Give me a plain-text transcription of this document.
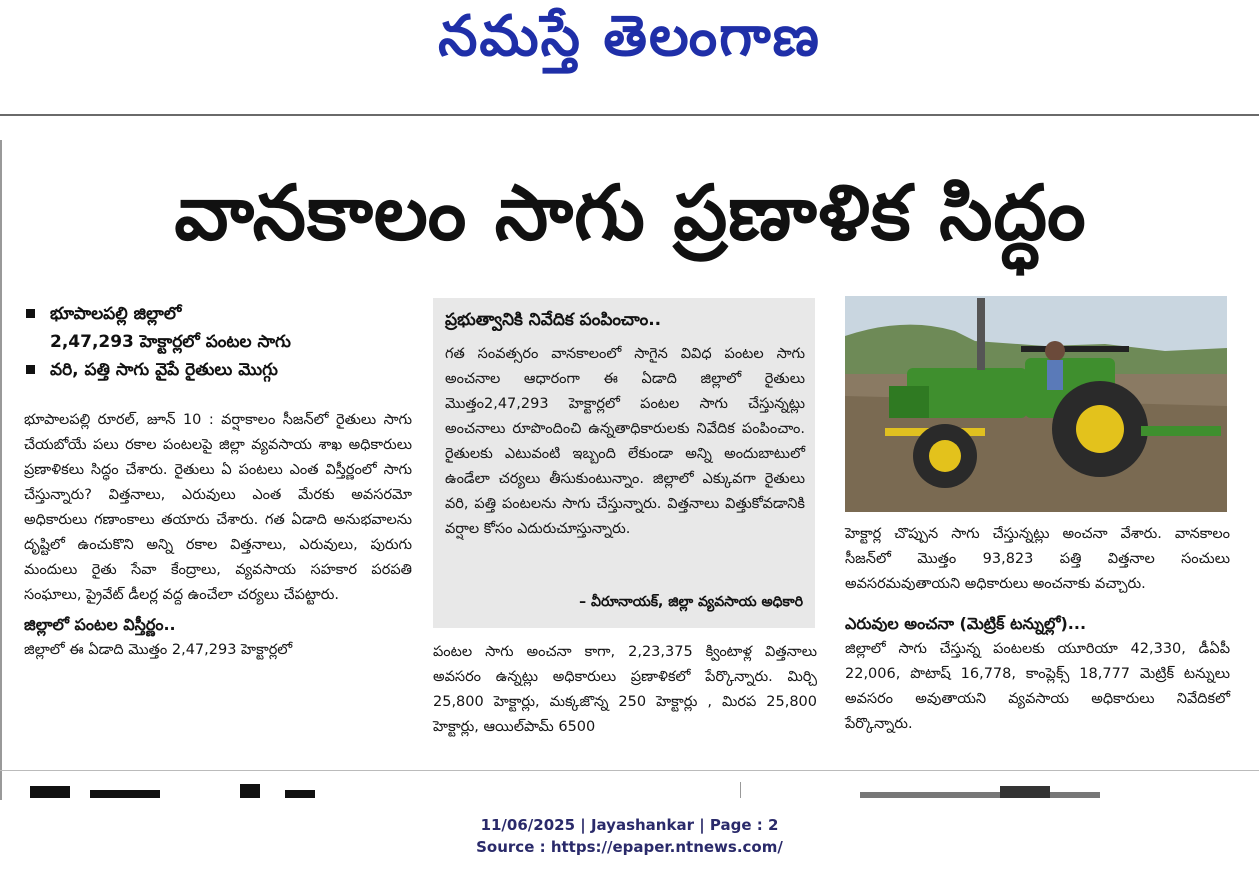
నమస్తే తెలంగాణ
వానకాలం సాగు ప్రణాళిక సిద్ధం
భూపాలపల్లి జిల్లాలో
2,47,293 హెక్టార్లలో పంటల సాగు
వరి, పత్తి సాగు వైపే రైతులు మొగ్గు
భూపాలపల్లి రూరల్, జూన్ 10 : వర్షాకాలం సీజన్‌లో రైతులు సాగు చేయబోయే పలు రకాల పంటలపై జిల్లా వ్యవసాయ శాఖ అధికారులు ప్రణాళికలు సిద్ధం చేశారు. రైతులు ఏ పంటలు ఎంత విస్తీర్ణంలో సాగు చేస్తున్నారు? విత్తనాలు, ఎరువులు ఎంత మేరకు అవసరమో అధికారులు గణాంకాలు తయారు చేశారు. గత ఏడాది అనుభవాలను దృష్టిలో ఉంచుకొని అన్ని రకాల విత్తనాలు, ఎరువులు, పురుగు మందులు రైతు సేవా కేంద్రాలు, వ్యవసాయ సహకార పరపతి సంఘాలు, ప్రైవేట్ డీలర్ల వద్ద ఉంచేలా చర్యలు చేపట్టారు.
జిల్లాలో పంటల విస్తీర్ణం..
జిల్లాలో ఈ ఏడాది మొత్తం 2,47,293 హెక్టార్లలో
ప్రభుత్వానికి నివేదిక పంపించాం..
గత సంవత్సరం వానకాలంలో సాగైన వివిధ పంటల సాగు అంచనాల ఆధారంగా ఈ ఏడాది జిల్లాలో రైతులు మొత్తం2,47,293 హెక్టార్లలో పంటల సాగు చేస్తున్నట్లు అంచనాలు రూపొందించి ఉన్నతాధికారులకు నివేదిక పంపించాం. రైతులకు ఎటువంటి ఇబ్బంది లేకుండా అన్ని అందుబాటులో ఉండేలా చర్యలు తీసుకుంటున్నాం. జిల్లాలో ఎక్కువగా రైతులు వరి, పత్తి పంటలను సాగు చేస్తున్నారు. విత్తనాలు విత్తుకోవడానికి వర్షాల కోసం ఎదురుచూస్తున్నారు.
– వీరూనాయక్, జిల్లా వ్యవసాయ అధికారి
పంటల సాగు అంచనా కాగా, 2,23,375 క్వింటాళ్ల విత్తనాలు అవసరం ఉన్నట్లు అధికారులు ప్రణాళికలో పేర్కొన్నారు. మిర్చి 25,800 హెక్టార్లు, మక్కజొన్న 250 హెక్టార్లు , మిరప 25,800 హెక్టార్లు, ఆయిల్‌పామ్ 6500
హెక్టార్ల చొప్పున సాగు చేస్తున్నట్లు అంచనా వేశారు. వానకాలం సీజన్‌లో మొత్తం 93,823 పత్తి విత్తనాల సంచులు అవసరమవుతాయని అధికారులు అంచనాకు వచ్చారు.
ఎరువుల అంచనా (మెట్రిక్ టన్నుల్లో)...
జిల్లాలో సాగు చేస్తున్న పంటలకు యూరియా 42,330, డీఏపీ 22,006, పొటాష్ 16,778, కాంప్లెక్స్ 18,777 మెట్రిక్ టన్నులు అవసరం అవుతాయని వ్యవసాయ అధికారులు నివేదికలో పేర్కొన్నారు.
11/06/2025 | Jayashankar | Page : 2
Source : https://epaper.ntnews.com/
